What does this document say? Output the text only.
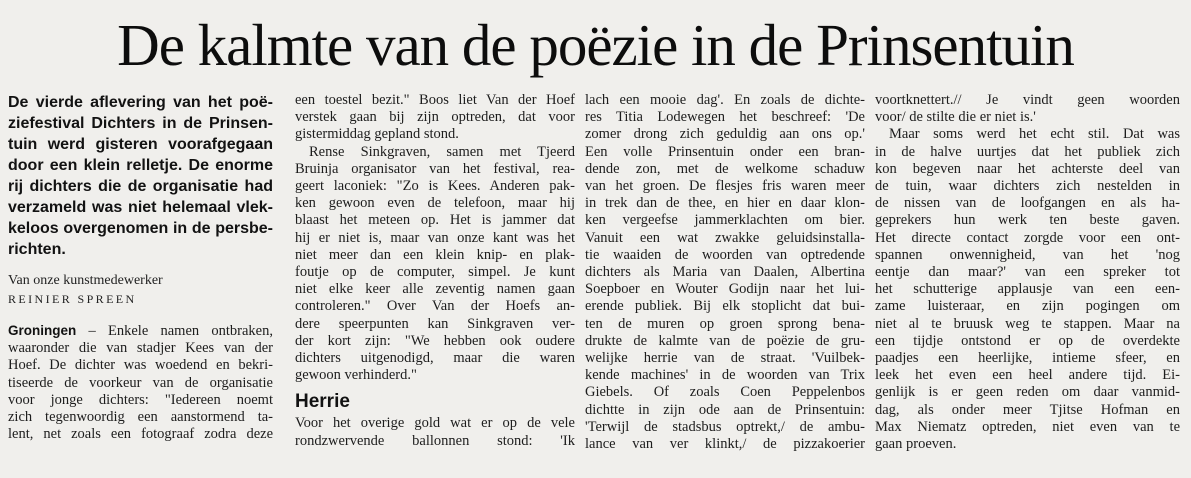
De kalmte van de poëzie in de Prinsentuin
De vierde aflevering van het poë-
ziefestival Dichters in de Prinsen-
tuin werd gisteren voorafgegaan
door een klein relletje. De enorme
rij dichters die de organisatie had
verzameld was niet helemaal vlek-
keloos overgenomen in de persbe-
richten.
Van onze kunstmedewerker
REINIER SPREEN
Groningen – Enkele namen ontbraken,
waaronder die van stadjer Kees van der
Hoef. De dichter was woedend en bekri-
tiseerde de voorkeur van de organisatie
voor jonge dichters: "Iedereen noemt
zich tegenwoordig een aanstormend ta-
lent, net zoals een fotograaf zodra deze
een toestel bezit." Boos liet Van der Hoef
verstek gaan bij zijn optreden, dat voor
gistermiddag gepland stond.
Rense Sinkgraven, samen met Tjeerd
Bruinja organisator van het festival, rea-
geert laconiek: "Zo is Kees. Anderen pak-
ken gewoon even de telefoon, maar hij
blaast het meteen op. Het is jammer dat
hij er niet is, maar van onze kant was het
niet meer dan een klein knip- en plak-
foutje op de computer, simpel. Je kunt
niet elke keer alle zeventig namen gaan
controleren." Over Van der Hoefs an-
dere speerpunten kan Sinkgraven ver-
der kort zijn: "We hebben ook oudere
dichters uitgenodigd, maar die waren
gewoon verhinderd."
Herrie
Voor het overige gold wat er op de vele
rondzwervende ballonnen stond: 'Ik
lach een mooie dag'. En zoals de dichte-
res Titia Lodewegen het beschreef: 'De
zomer drong zich geduldig aan ons op.'
Een volle Prinsentuin onder een bran-
dende zon, met de welkome schaduw
van het groen. De flesjes fris waren meer
in trek dan de thee, en hier en daar klon-
ken vergeefse jammerklachten om bier.
Vanuit een wat zwakke geluidsinstalla-
tie waaiden de woorden van optredende
dichters als Maria van Daalen, Albertina
Soepboer en Wouter Godijn naar het lui-
erende publiek. Bij elk stoplicht dat bui-
ten de muren op groen sprong bena-
drukte de kalmte van de poëzie de gru-
welijke herrie van de straat. 'Vuilbek-
kende machines' in de woorden van Trix
Giebels. Of zoals Coen Peppelenbos
dichtte in zijn ode aan de Prinsentuin:
'Terwijl de stadsbus optrekt,/ de ambu-
lance van ver klinkt,/ de pizzakoerier
voortknettert.// Je vindt geen woorden
voor/ de stilte die er niet is.'
Maar soms werd het echt stil. Dat was
in de halve uurtjes dat het publiek zich
kon begeven naar het achterste deel van
de tuin, waar dichters zich nestelden in
de nissen van de loofgangen en als ha-
geprekers hun werk ten beste gaven.
Het directe contact zorgde voor een ont-
spannen onwennigheid, van het 'nog
eentje dan maar?' van een spreker tot
het schutterige applausje van een een-
zame luisteraar, en zijn pogingen om
niet al te bruusk weg te stappen. Maar na
een tijdje ontstond er op de overdekte
paadjes een heerlijke, intieme sfeer, en
leek het even een heel andere tijd. Ei-
genlijk is er geen reden om daar vanmid-
dag, als onder meer Tjitse Hofman en
Max Niematz optreden, niet even van te
gaan proeven.
